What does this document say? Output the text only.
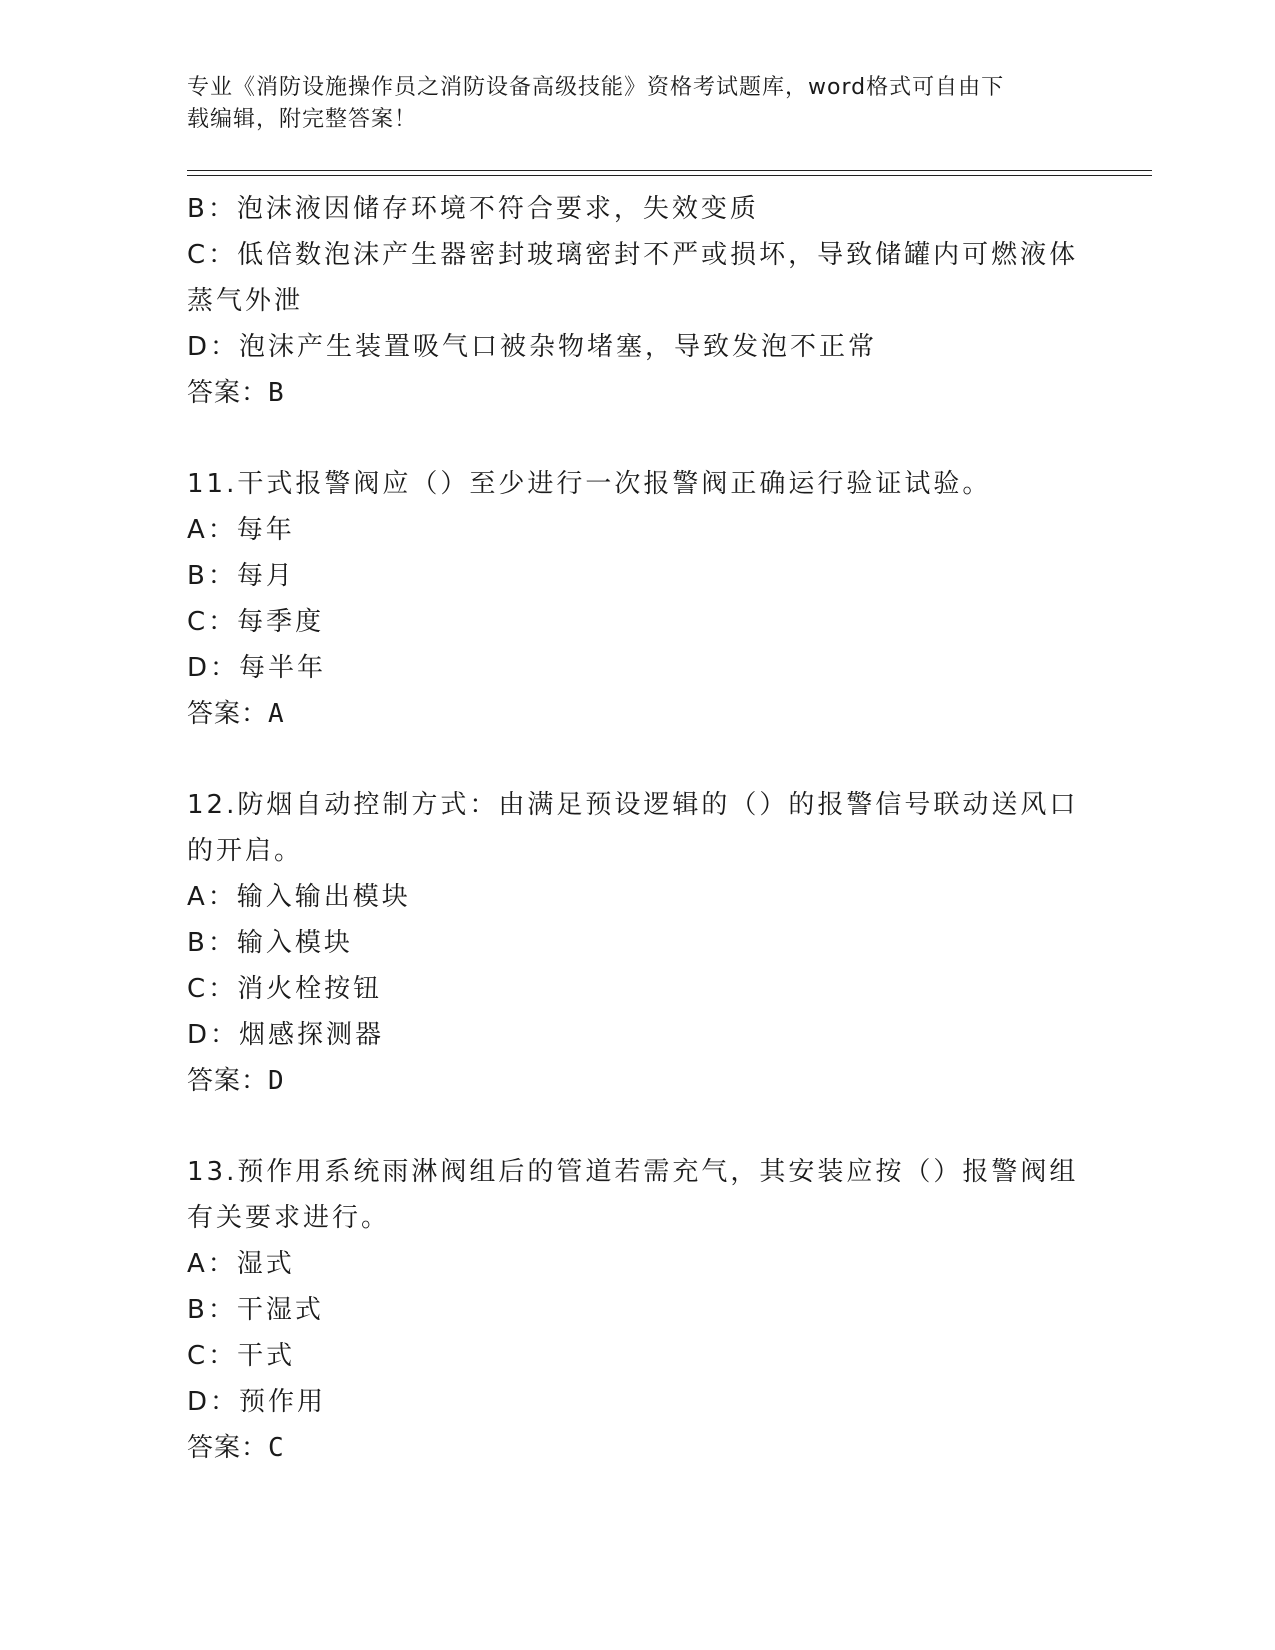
专业《消防设施操作员之消防设备高级技能》资格考试题库，word格式可自由下
载编辑，附完整答案！
B：泡沫液因储存环境不符合要求，失效变质
C：低倍数泡沫产生器密封玻璃密封不严或损坏，导致储罐内可燃液体
蒸气外泄
D：泡沫产生装置吸气口被杂物堵塞，导致发泡不正常
答案：B
11.干式报警阀应（）至少进行一次报警阀正确运行验证试验。
A：每年
B：每月
C：每季度
D：每半年
答案：A
12.防烟自动控制方式：由满足预设逻辑的（）的报警信号联动送风口
的开启。
A：输入输出模块
B：输入模块
C：消火栓按钮
D：烟感探测器
答案：D
13.预作用系统雨淋阀组后的管道若需充气，其安装应按（）报警阀组
有关要求进行。
A：湿式
B：干湿式
C：干式
D：预作用
答案：C
